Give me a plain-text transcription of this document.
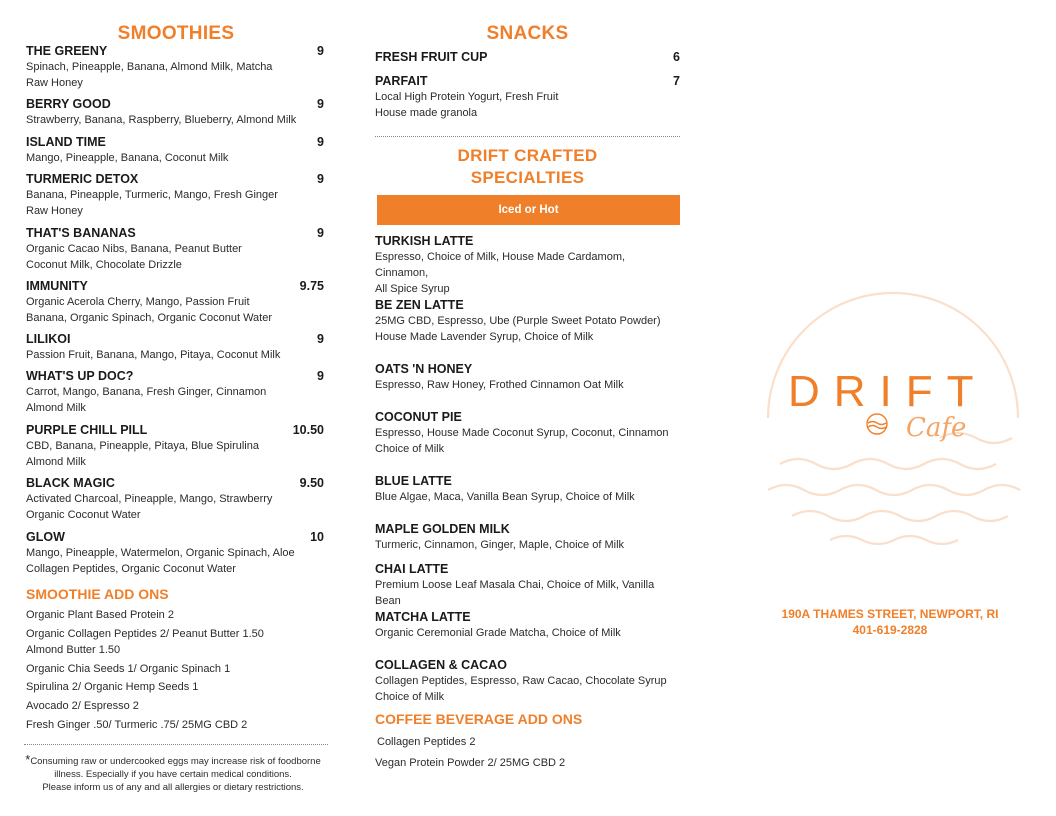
SMOOTHIES
THE GREENY	9
Spinach, Pineapple, Banana, Almond Milk, Matcha
Raw Honey
BERRY GOOD	9
Strawberry, Banana, Raspberry, Blueberry, Almond Milk
ISLAND TIME	9
Mango, Pineapple, Banana, Coconut Milk
TURMERIC DETOX	9
Banana, Pineapple, Turmeric, Mango, Fresh Ginger
Raw Honey
THAT'S BANANAS	9
Organic Cacao Nibs, Banana, Peanut Butter
Coconut Milk, Chocolate Drizzle
IMMUNITY	9.75
Organic Acerola Cherry, Mango, Passion Fruit
Banana, Organic Spinach, Organic Coconut Water
LILIKOI	9
Passion Fruit, Banana, Mango, Pitaya, Coconut Milk
WHAT'S UP DOC?	9
Carrot, Mango, Banana, Fresh Ginger, Cinnamon
Almond Milk
PURPLE CHILL PILL	10.50
CBD, Banana, Pineapple, Pitaya, Blue Spirulina
Almond Milk
BLACK MAGIC	9.50
Activated Charcoal, Pineapple, Mango, Strawberry
Organic Coconut Water
GLOW	10
Mango, Pineapple, Watermelon, Organic Spinach, Aloe
Collagen Peptides, Organic Coconut Water
SMOOTHIE ADD ONS
Organic Plant Based Protein 2
Organic Collagen Peptides 2/ Peanut Butter 1.50
Almond Butter 1.50
Organic Chia Seeds 1/ Organic Spinach 1
Spirulina 2/ Organic Hemp Seeds 1
Avocado 2/ Espresso 2
Fresh Ginger .50/ Turmeric .75/ 25MG CBD 2
*Consuming raw or undercooked eggs may increase risk of foodborne
illness. Especially if you have certain medical conditions.
Please inform us of any and all allergies or dietary restrictions.
SNACKS
FRESH FRUIT CUP	6
PARFAIT	7
Local High Protein Yogurt, Fresh Fruit
House made granola
DRIFT CRAFTED
SPECIALTIES
Iced or Hot
TURKISH LATTE
Espresso, Choice of Milk, House Made Cardamom, Cinnamon,
All Spice Syrup
BE ZEN LATTE
25MG CBD, Espresso, Ube (Purple Sweet Potato Powder)
House Made Lavender Syrup, Choice of Milk
OATS 'N HONEY
Espresso, Raw Honey, Frothed Cinnamon Oat Milk
COCONUT PIE
Espresso, House Made Coconut Syrup, Coconut, Cinnamon
Choice of Milk
BLUE LATTE
Blue Algae, Maca, Vanilla Bean Syrup, Choice of Milk
MAPLE GOLDEN MILK
Turmeric, Cinnamon, Ginger, Maple, Choice of Milk
CHAI LATTE
Premium Loose Leaf Masala Chai, Choice of Milk, Vanilla Bean
MATCHA LATTE
Organic Ceremonial Grade Matcha, Choice of Milk
COLLAGEN & CACAO
Collagen Peptides, Espresso, Raw Cacao, Chocolate Syrup
Choice of Milk
COFFEE BEVERAGE ADD ONS
Collagen Peptides 2
Vegan Protein Powder 2/ 25MG CBD 2
DRIFT
Cafe
190A THAMES STREET, NEWPORT, RI
401-619-2828
